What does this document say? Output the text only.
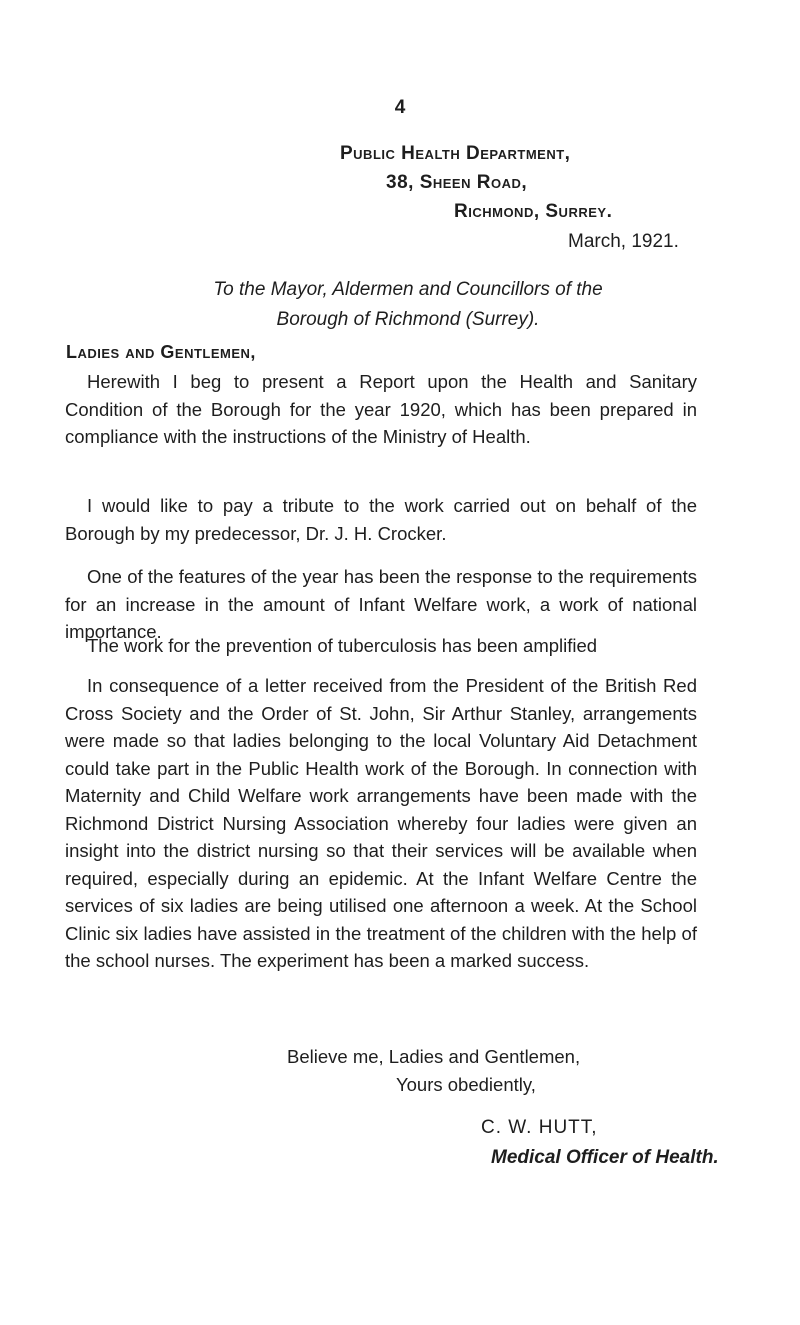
4
Public Health Department,
38, Sheen Road,
Richmond, Surrey.
March, 1921.
To the Mayor, Aldermen and Councillors of the
Borough of Richmond (Surrey).
Ladies and Gentlemen,

Herewith I beg to present a Report upon the Health and Sanitary Condition of the Borough for the year 1920, which has been prepared in compliance with the instructions of the Ministry of Health.

I would like to pay a tribute to the work carried out on behalf of the Borough by my predecessor, Dr. J. H. Crocker.

One of the features of the year has been the response to the requirements for an increase in the amount of Infant Welfare work, a work of national importance.

The work for the prevention of tuberculosis has been amplified

In consequence of a letter received from the President of the British Red Cross Society and the Order of St. John, Sir Arthur Stanley, arrangements were made so that ladies belonging to the local Voluntary Aid Detachment could take part in the Public Health work of the Borough. In connection with Maternity and Child Welfare work arrangements have been made with the Richmond District Nursing Association whereby four ladies were given an insight into the district nursing so that their services will be available when required, especially during an epidemic. At the Infant Welfare Centre the services of six ladies are being utilised one afternoon a week. At the School Clinic six ladies have assisted in the treatment of the children with the help of the school nurses. The experiment has been a marked success.

Believe me, Ladies and Gentlemen,
Yours obediently,
C. W. HUTT,
Medical Officer of Health.
